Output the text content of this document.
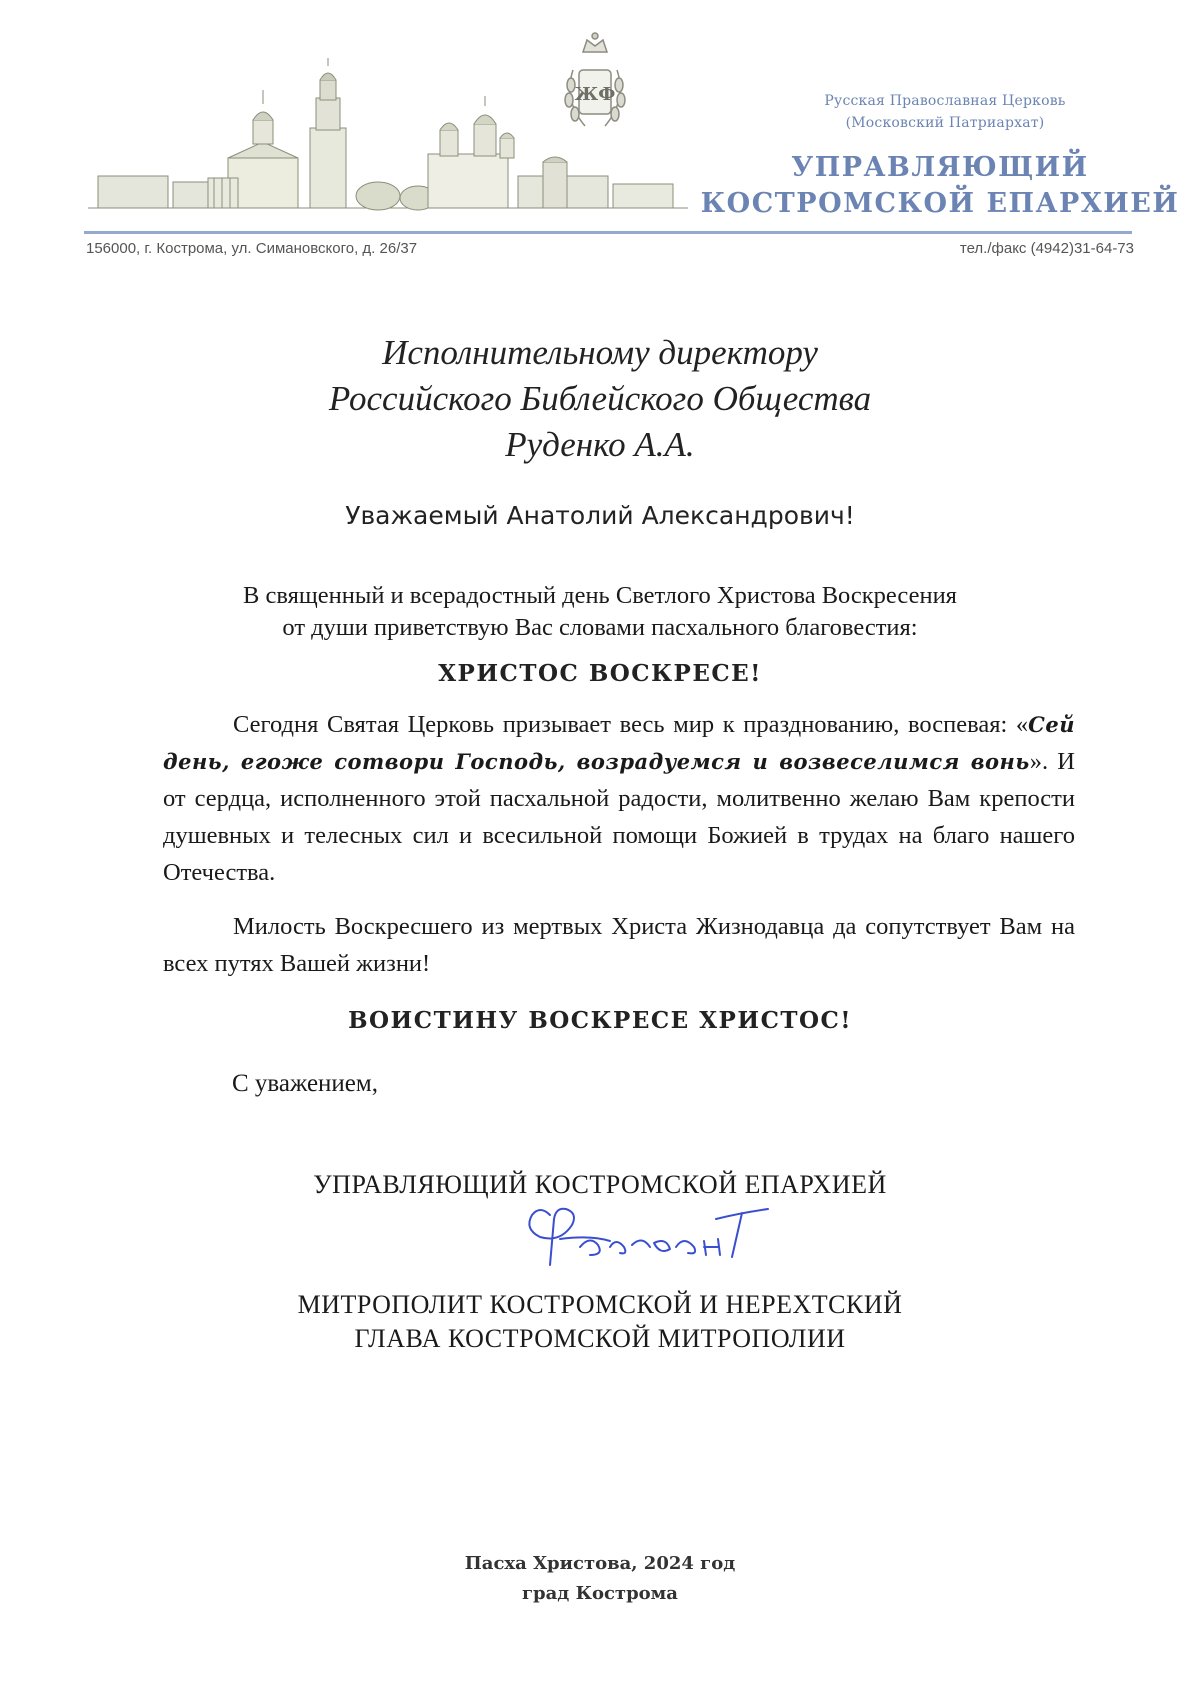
ЖФ	Русская Православная Церковь
(Московский Патриархат)
УПРАВЛЯЮЩИЙ
КОСТРОМСКОЙ ЕПАРХИЕЙ
156000, г. Кострома, ул. Симановского, д. 26/37	тел./факс (4942)31-64-73
Исполнительному директору
Российского Библейского Общества
Руденко А.А.
Уважаемый Анатолий Александрович!
В священный и всерадостный день Светлого Христова Воскресения
от души приветствую Вас словами пасхального благовестия:
ХРИСТОС ВОСКРЕСЕ!
Сегодня Святая Церковь призывает весь мир к празднованию, воспевая: «Сей день, егоже сотвори Господь, возрадуемся и возвеселимся вонь». И от сердца, исполненного этой пасхальной радости, молитвенно желаю Вам крепости душевных и телесных сил и всесильной помощи Божией в трудах на благо нашего Отечества.
Милость Воскресшего из мертвых Христа Жизнодавца да сопутствует Вам на всех путях Вашей жизни!
ВОИСТИНУ ВОСКРЕСЕ ХРИСТОС!
С уважением,
УПРАВЛЯЮЩИЙ КОСТРОМСКОЙ ЕПАРХИЕЙ
МИТРОПОЛИТ КОСТРОМСКОЙ И НЕРЕХТСКИЙ
ГЛАВА КОСТРОМСКОЙ МИТРОПОЛИИ
Пасха Христова, 2024 год
град Кострома
